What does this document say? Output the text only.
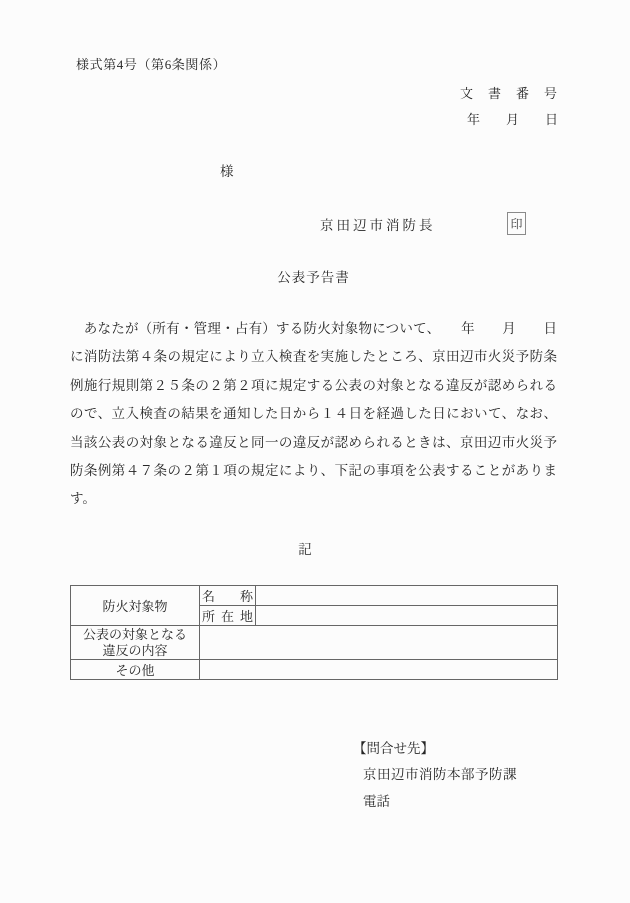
様式第4号（第6条関係）
文　書　番　号
年　　月　　日
様
京田辺市消防長	印
公表予告書
　あなたが（所有・管理・占有）する防火対象物について、　　年　　月　　日
に消防法第４条の規定により立入検査を実施したところ、京田辺市火災予防条
例施行規則第２５条の２第２項に規定する公表の対象となる違反が認められる
ので、立入検査の結果を通知した日から１４日を経過した日において、なお、
当該公表の対象となる違反と同一の違反が認められるときは、京田辺市火災予
防条例第４７条の２第１項の規定により、下記の事項を公表することがありま
す。
記
防火対象物	名　称	
	所在地	
公表の対象となる
違反の内容		
その他		
【問合せ先】
京田辺市消防本部予防課
電話
